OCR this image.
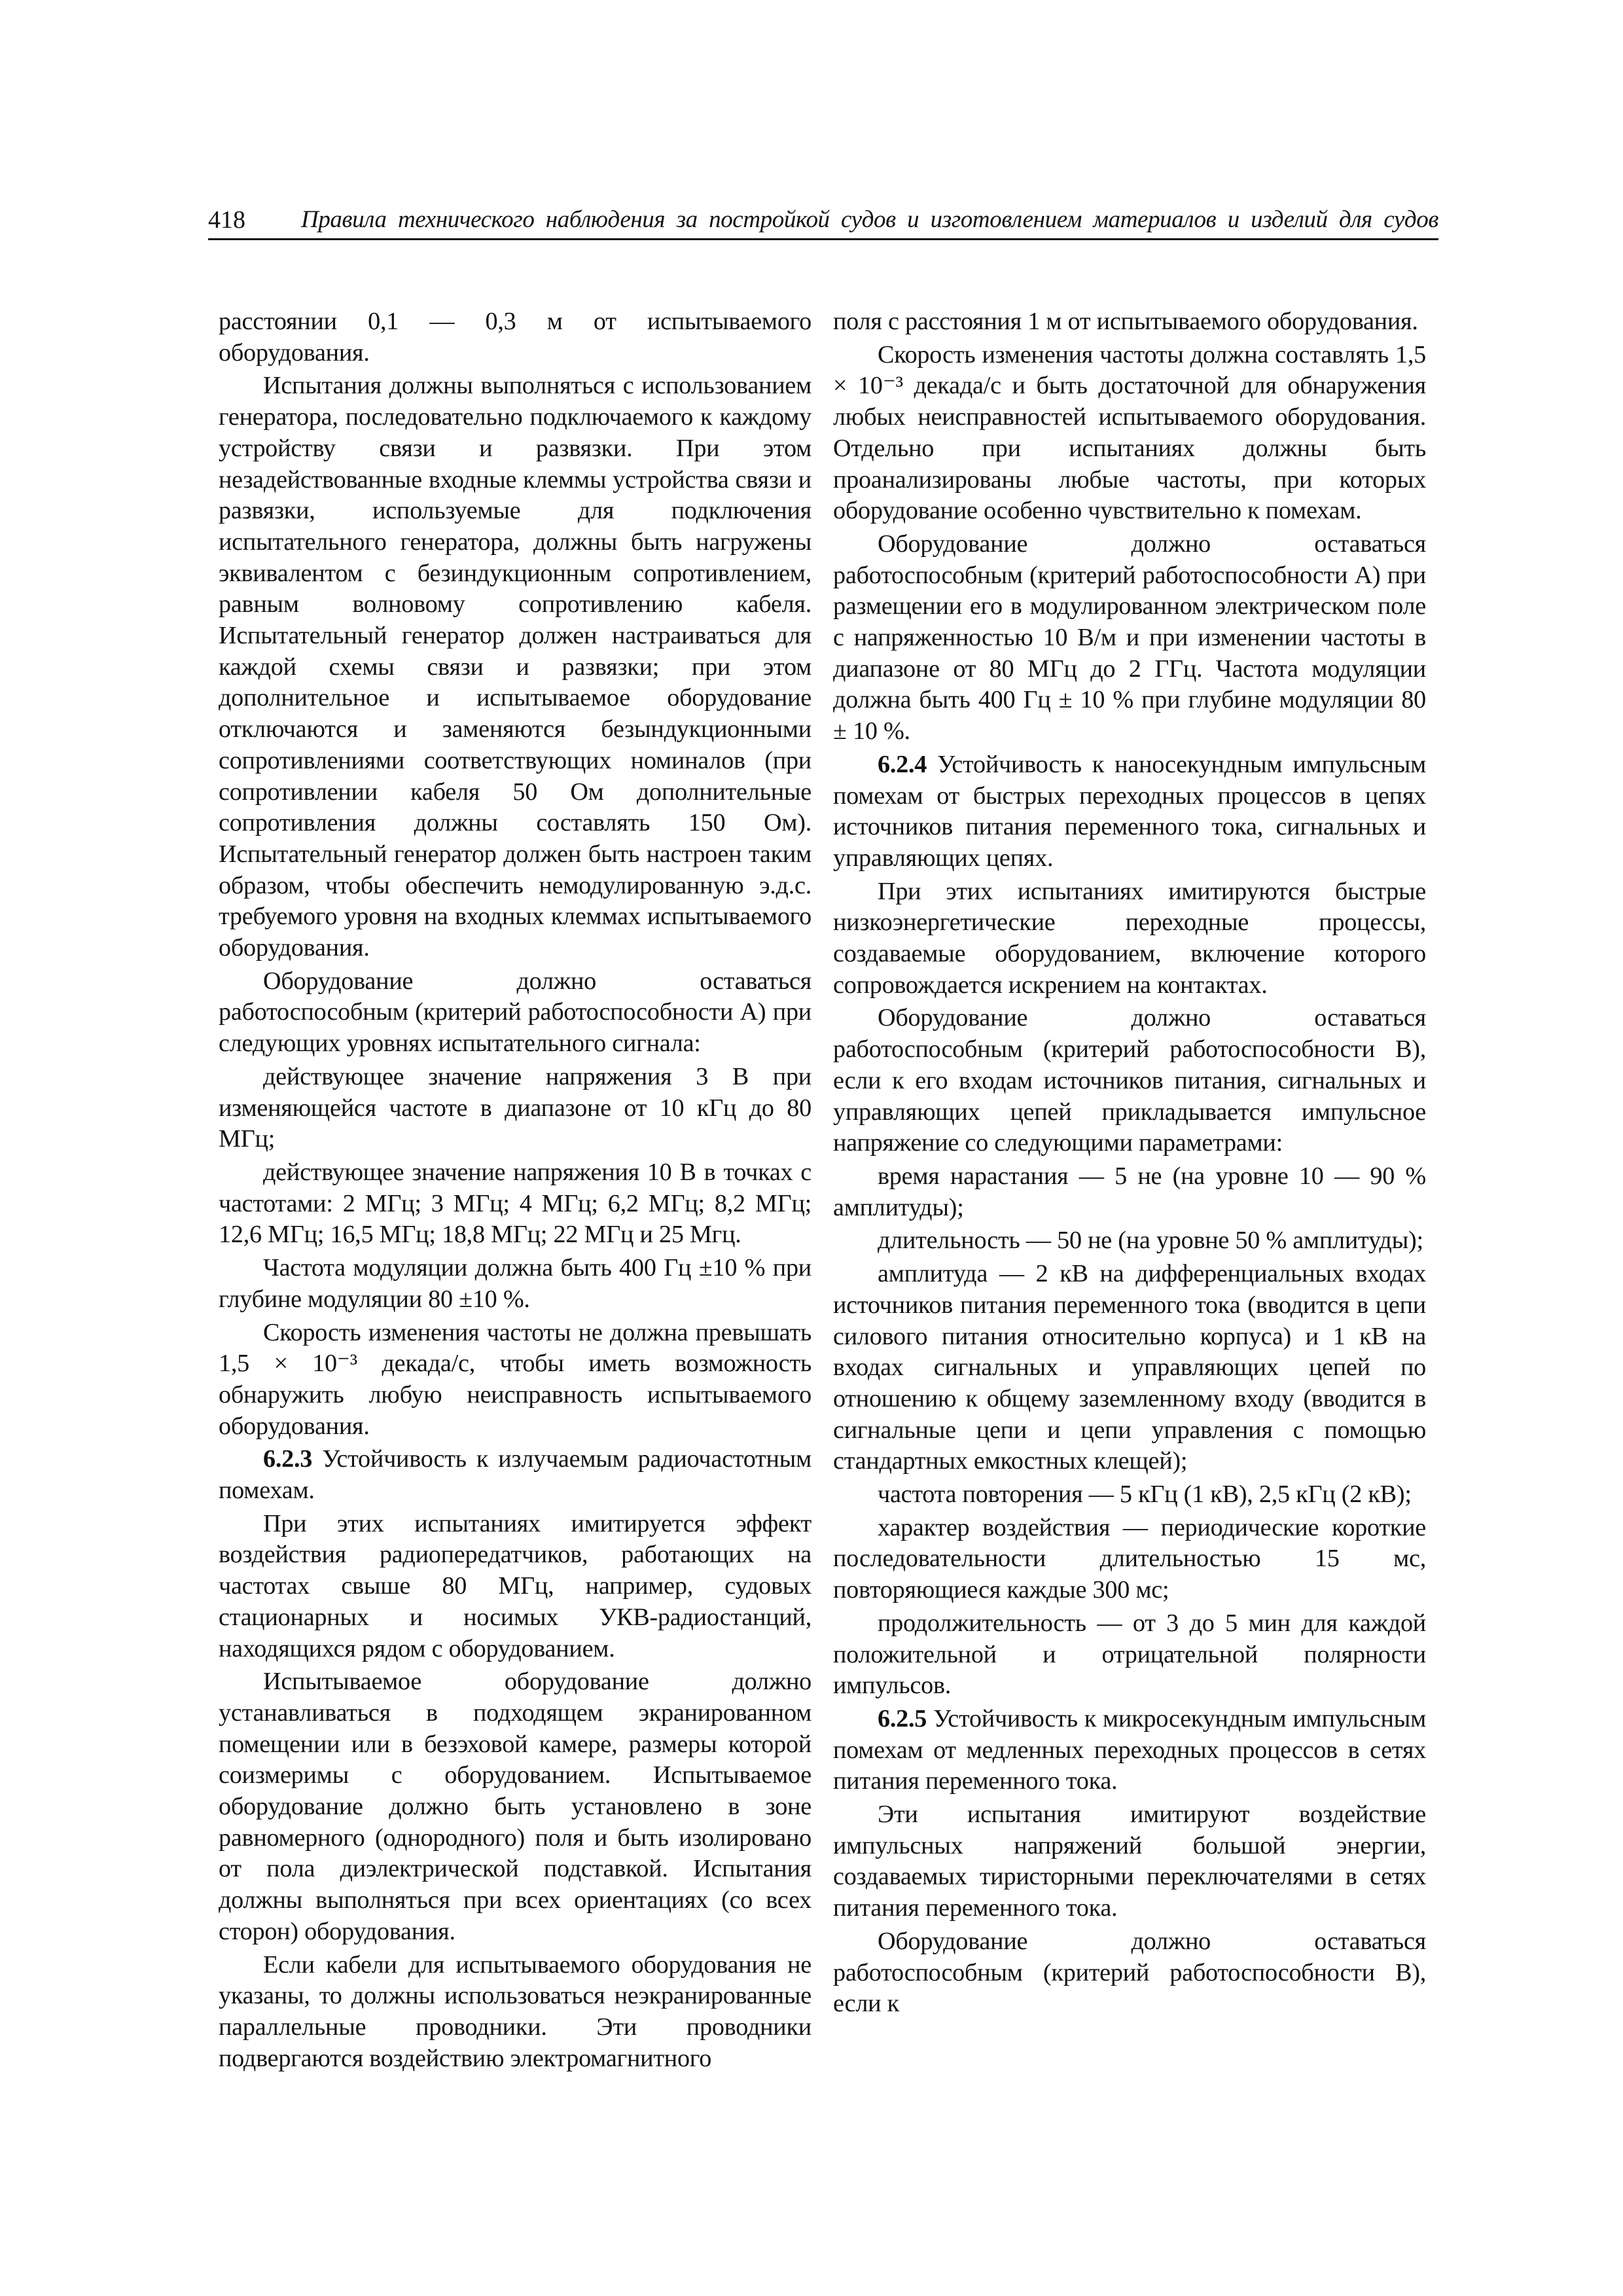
418 Правила технического наблюдения за постройкой судов и изготовлением материалов и изделий для судов

расстоянии 0,1 — 0,3 м от испытываемого оборудования.

Испытания должны выполняться с использованием генератора, последовательно подключаемого к каждому устройству связи и развязки. При этом незадействованные входные клеммы устройства связи и развязки, используемые для подключения испытательного генератора, должны быть нагружены эквивалентом с безиндукционным сопротивлением, равным волновому сопротивлению кабеля. Испытательный генератор должен настраиваться для каждой схемы связи и развязки; при этом дополнительное и испытываемое оборудование отключаются и заменяются безындукционными сопротивлениями соответствующих номиналов (при сопротивлении кабеля 50 Ом дополнительные сопротивления должны составлять 150 Ом). Испытательный генератор должен быть настроен таким образом, чтобы обеспечить немодулированную э.д.с. требуемого уровня на входных клеммах испытываемого оборудования.

Оборудование должно оставаться работоспособным (критерий работоспособности А) при следующих уровнях испытательного сигнала:

действующее значение напряжения 3 В при изменяющейся частоте в диапазоне от 10 кГц до 80 МГц;

действующее значение напряжения 10 В в точках с частотами: 2 МГц; 3 МГц; 4 МГц; 6,2 МГц; 8,2 МГц; 12,6 МГц; 16,5 МГц; 18,8 МГц; 22 МГц и 25 Мгц.

Частота модуляции должна быть 400 Гц ±10 % при глубине модуляции 80 ±10 %.

Скорость изменения частоты не должна превышать 1,5 × 10⁻³ декада/с, чтобы иметь возможность обнаружить любую неисправность испытываемого оборудования.

6.2.3 Устойчивость к излучаемым радиочастотным помехам.

При этих испытаниях имитируется эффект воздействия радиопередатчиков, работающих на частотах свыше 80 МГц, например, судовых стационарных и носимых УКВ-радиостанций, находящихся рядом с оборудованием.

Испытываемое оборудование должно устанавливаться в подходящем экранированном помещении или в безэховой камере, размеры которой соизмеримы с оборудованием. Испытываемое оборудование должно быть установлено в зоне равномерного (однородного) поля и быть изолировано от пола диэлектрической подставкой. Испытания должны выполняться при всех ориентациях (со всех сторон) оборудования.

Если кабели для испытываемого оборудования не указаны, то должны использоваться неэкранированные параллельные проводники. Эти проводники подвергаются воздействию электромагнитного

поля с расстояния 1 м от испытываемого оборудования.

Скорость изменения частоты должна составлять 1,5 × 10⁻³ декада/с и быть достаточной для обнаружения любых неисправностей испытываемого оборудования. Отдельно при испытаниях должны быть проанализированы любые частоты, при которых оборудование особенно чувствительно к помехам.

Оборудование должно оставаться работоспособным (критерий работоспособности А) при размещении его в модулированном электрическом поле с напряженностью 10 В/м и при изменении частоты в диапазоне от 80 МГц до 2 ГГц. Частота модуляции должна быть 400 Гц ± 10 % при глубине модуляции 80 ± 10 %.

6.2.4 Устойчивость к наносекундным импульсным помехам от быстрых переходных процессов в цепях источников питания переменного тока, сигнальных и управляющих цепях.

При этих испытаниях имитируются быстрые низкоэнергетические переходные процессы, создаваемые оборудованием, включение которого сопровождается искрением на контактах.

Оборудование должно оставаться работоспособным (критерий работоспособности В), если к его входам источников питания, сигнальных и управляющих цепей прикладывается импульсное напряжение со следующими параметрами:

время нарастания — 5 не (на уровне 10 — 90 % амплитуды);

длительность — 50 не (на уровне 50 % амплитуды);

амплитуда — 2 кВ на дифференциальных входах источников питания переменного тока (вводится в цепи силового питания относительно корпуса) и 1 кВ на входах сигнальных и управляющих цепей по отношению к общему заземленному входу (вводится в сигнальные цепи и цепи управления с помощью стандартных емкостных клещей);

частота повторения — 5 кГц (1 кВ), 2,5 кГц (2 кВ);

характер воздействия — периодические короткие последовательности длительностью 15 мс, повторяющиеся каждые 300 мс;

продолжительность — от 3 до 5 мин для каждой положительной и отрицательной полярности импульсов.

6.2.5 Устойчивость к микросекундным импульсным помехам от медленных переходных процессов в сетях питания переменного тока.

Эти испытания имитируют воздействие импульсных напряжений большой энергии, создаваемых тиристорными переключателями в сетях питания переменного тока.

Оборудование должно оставаться работоспособным (критерий работоспособности В), если к
